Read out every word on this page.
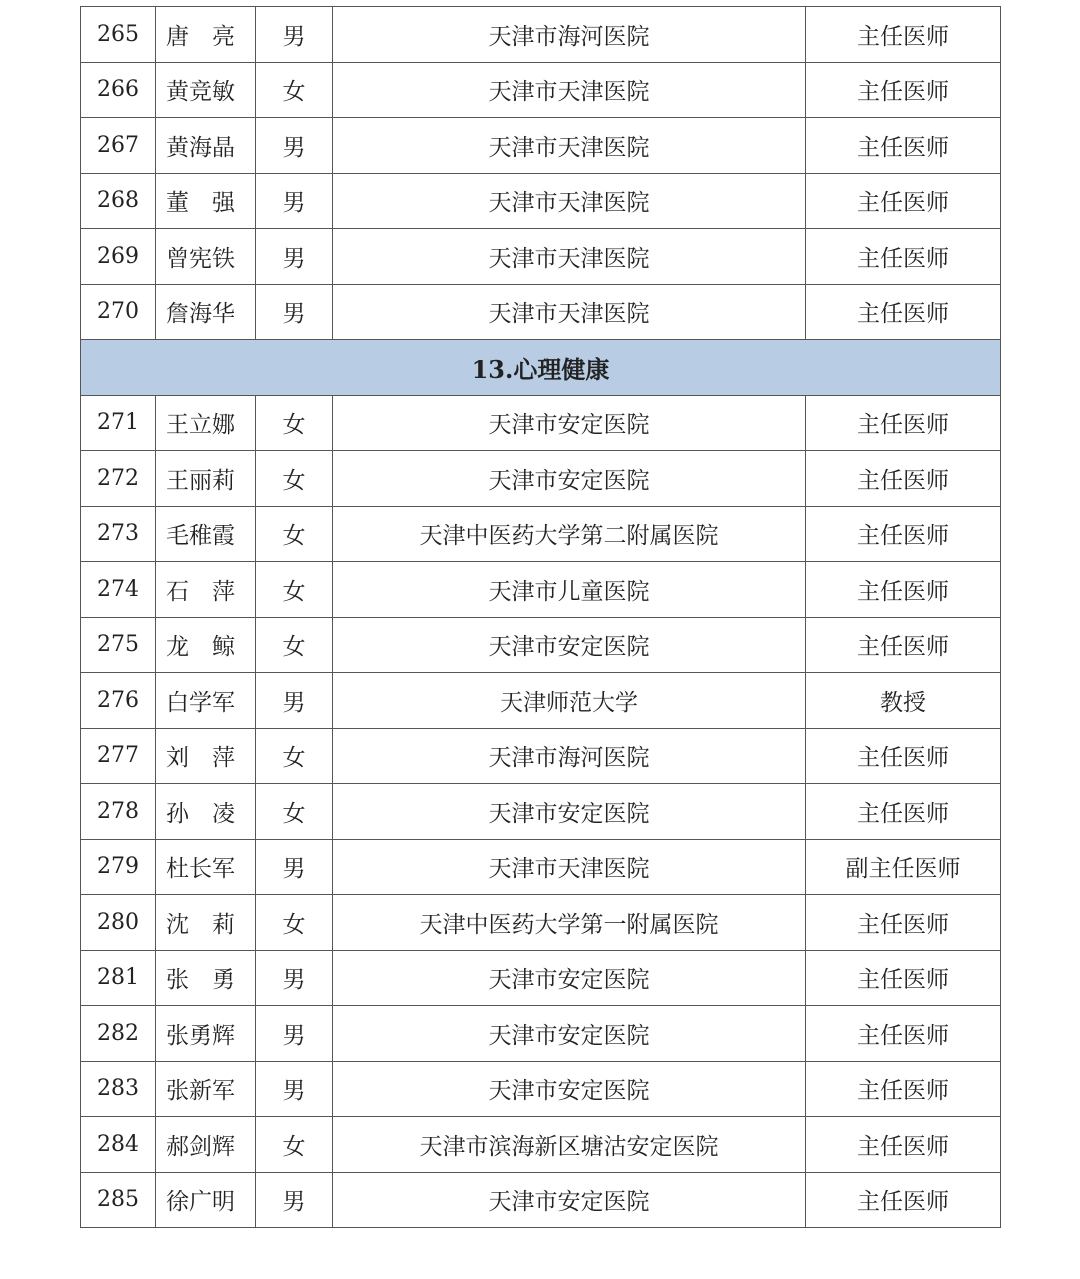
265	唐　亮	男	天津市海河医院	主任医师
266	黄竞敏	女	天津市天津医院	主任医师
267	黄海晶	男	天津市天津医院	主任医师
268	董　强	男	天津市天津医院	主任医师
269	曾宪铁	男	天津市天津医院	主任医师
270	詹海华	男	天津市天津医院	主任医师
13.心理健康				
271	王立娜	女	天津市安定医院	主任医师
272	王丽莉	女	天津市安定医院	主任医师
273	毛稚霞	女	天津中医药大学第二附属医院	主任医师
274	石　萍	女	天津市儿童医院	主任医师
275	龙　鲸	女	天津市安定医院	主任医师
276	白学军	男	天津师范大学	教授
277	刘　萍	女	天津市海河医院	主任医师
278	孙　凌	女	天津市安定医院	主任医师
279	杜长军	男	天津市天津医院	副主任医师
280	沈　莉	女	天津中医药大学第一附属医院	主任医师
281	张　勇	男	天津市安定医院	主任医师
282	张勇辉	男	天津市安定医院	主任医师
283	张新军	男	天津市安定医院	主任医师
284	郝剑辉	女	天津市滨海新区塘沽安定医院	主任医师
285	徐广明	男	天津市安定医院	主任医师
